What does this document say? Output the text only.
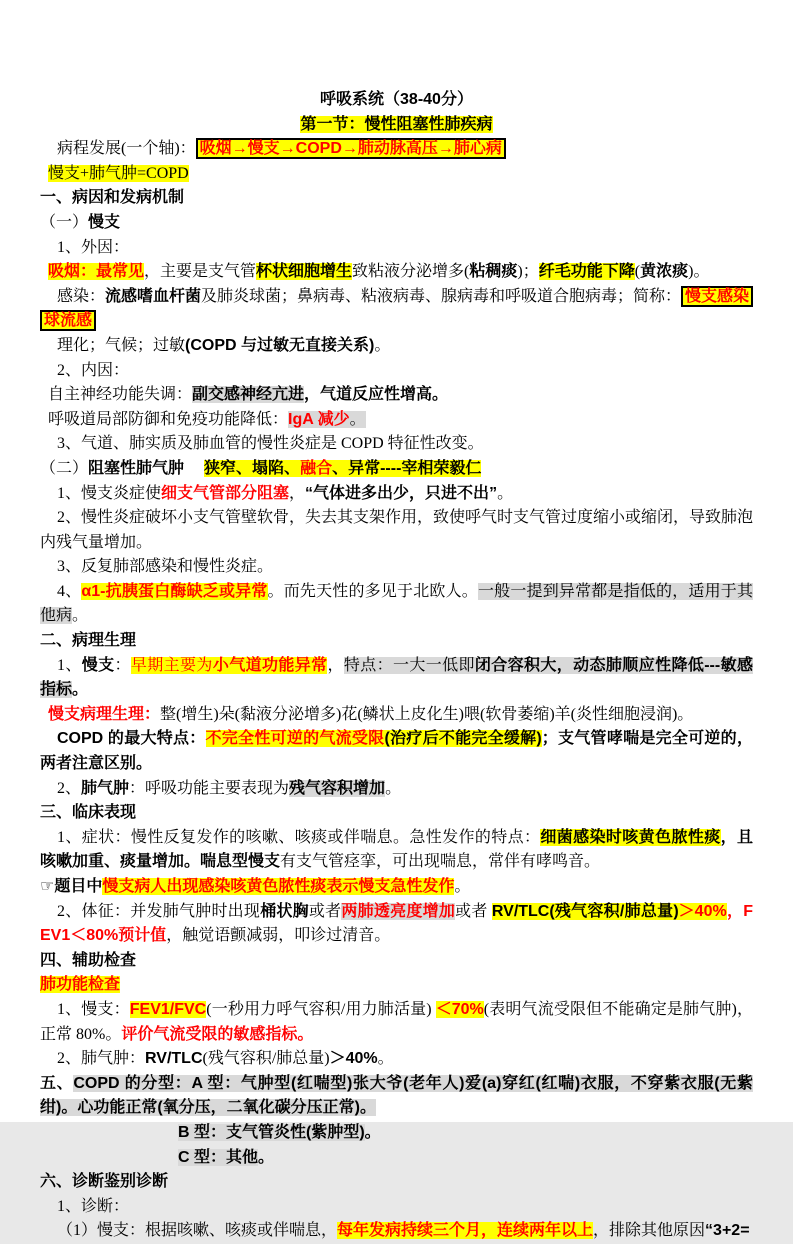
呼吸系统（38-40分）
第一节：慢性阻塞性肺疾病
病程发展(一个轴)： 吸烟→慢支→COPD→肺动脉高压→肺心病
慢支+肺气肿=COPD
一、病因和发病机制
（一）慢支
1、外因：
吸烟：最常见，主要是支气管杯状细胞增生致粘液分泌增多(粘稠痰)；纤毛功能下降(黄浓痰)。
感染：流感嗜血杆菌及肺炎球菌；鼻病毒、粘液病毒、腺病毒和呼吸道合胞病毒；简称： 慢支感染球流感
理化；气候；过敏(COPD 与过敏无直接关系)。
2、内因：
自主神经功能失调：副交感神经亢进，气道反应性增高。
呼吸道局部防御和免疫功能降低：IgA 减少。
3、气道、肺实质及肺血管的慢性炎症是 COPD 特征性改变。
（二）阻塞性肺气肿　 狭窄、塌陷、融合、异常----宰相荣毅仁
1、慢支炎症使细支气管部分阻塞，“气体进多出少，只进不出”。
2、慢性炎症破坏小支气管壁软骨，失去其支架作用，致使呼气时支气管过度缩小或缩闭，导致肺泡内残气量增加。
3、反复肺部感染和慢性炎症。
4、α1-抗胰蛋白酶缺乏或异常。而先天性的多见于北欧人。一般一提到异常都是指低的，适用于其他病。
二、病理生理
1、慢支：早期主要为小气道功能异常，特点：一大一低即闭合容积大，动态肺顺应性降低---敏感指标。
慢支病理生理：整(增生)朵(黏液分泌增多)花(鳞状上皮化生)喂(软骨萎缩)羊(炎性细胞浸润)。
COPD 的最大特点：不完全性可逆的气流受限(治疗后不能完全缓解)；支气管哮喘是完全可逆的，两者注意区别。
2、肺气肿：呼吸功能主要表现为残气容积增加。
三、临床表现
1、症状：慢性反复发作的咳嗽、咳痰或伴喘息。急性发作的特点：细菌感染时咳黄色脓性痰，且咳嗽加重、痰量增加。喘息型慢支有支气管痉挛，可出现喘息，常伴有哮鸣音。
☞题目中慢支病人出现感染咳黄色脓性痰表示慢支急性发作。
2、体征：并发肺气肿时出现桶状胸或者两肺透亮度增加或者 RV/TLC(残气容积/肺总量)＞40%，FEV1＜80%预计值，触觉语颤减弱，叩诊过清音。
四、辅助检查
肺功能检查
1、慢支：FEV1/FVC(一秒用力呼气容积/用力肺活量) ＜70%(表明气流受限但不能确定是肺气肿)，正常 80%。评价气流受限的敏感指标。
2、肺气肿：RV/TLC(残气容积/肺总量)＞40%。
五、COPD 的分型：A 型：气肿型(红喘型)张大爷(老年人)爱(a)穿红(红喘)衣服，不穿紫衣服(无紫绀)。心功能正常(氧分压，二氧化碳分压正常)。
B 型：支气管炎性(紫肿型)。
C 型：其他。
六、诊断鉴别诊断
1、诊断：
（1）慢支：根据咳嗽、咳痰或伴喘息，每年发病持续三个月，连续两年以上，排除其他原因“3+2=
